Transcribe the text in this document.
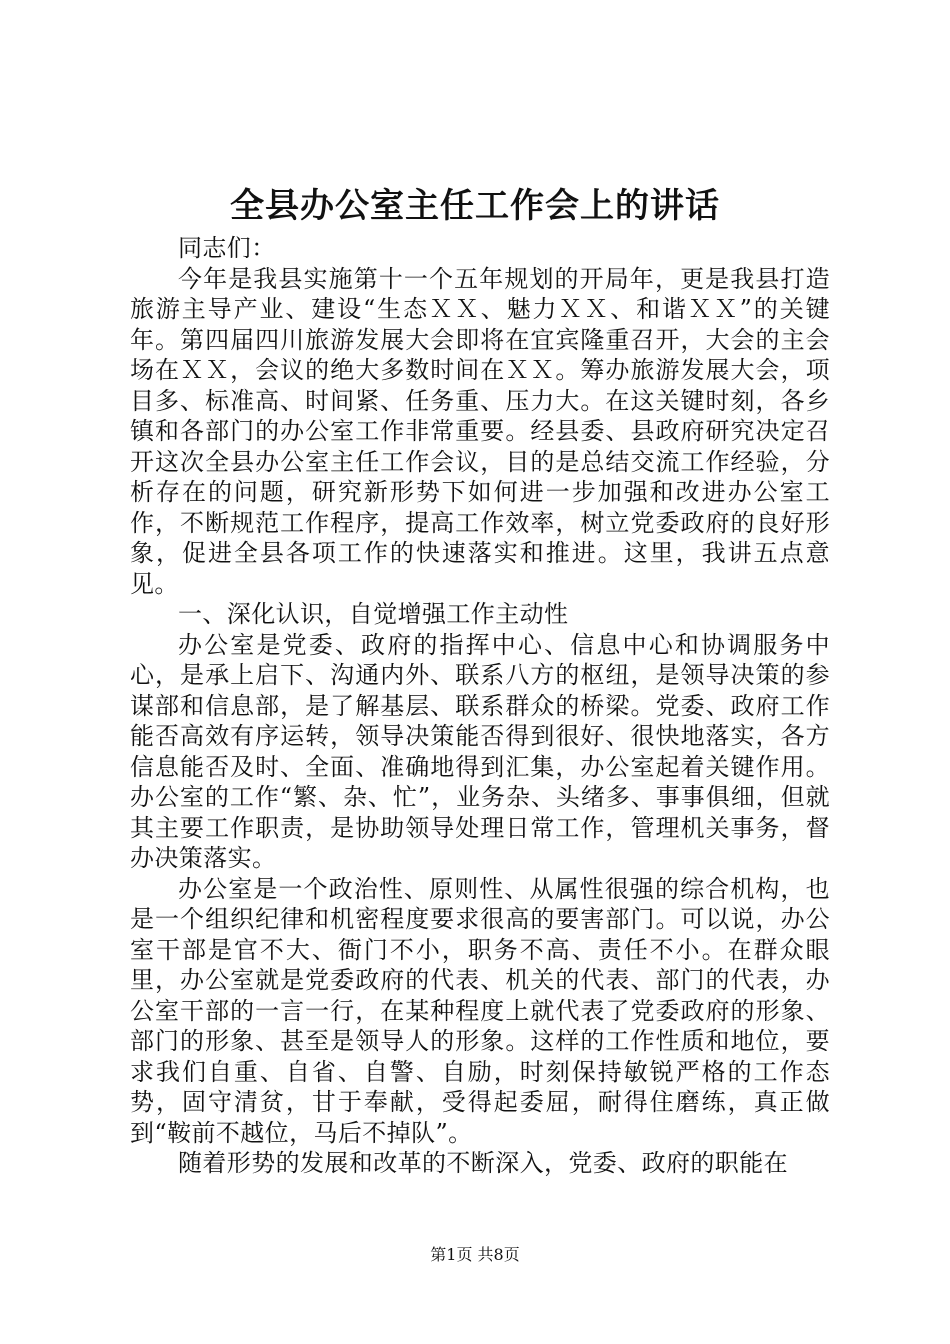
全县办公室主任工作会上的讲话

同志们：

今年是我县实施第十一个五年规划的开局年，更是我县打造旅游主导产业、建设“生态ＸＸ、魅力ＸＸ、和谐ＸＸ”的关键年。第四届四川旅游发展大会即将在宜宾隆重召开，大会的主会场在ＸＸ，会议的绝大多数时间在ＸＸ。筹办旅游发展大会，项目多、标准高、时间紧、任务重、压力大。在这关键时刻，各乡镇和各部门的办公室工作非常重要。经县委、县政府研究决定召开这次全县办公室主任工作会议，目的是总结交流工作经验，分析存在的问题，研究新形势下如何进一步加强和改进办公室工作，不断规范工作程序，提高工作效率，树立党委政府的良好形象，促进全县各项工作的快速落实和推进。这里，我讲五点意见。

一、深化认识，自觉增强工作主动性

办公室是党委、政府的指挥中心、信息中心和协调服务中心，是承上启下、沟通内外、联系八方的枢纽，是领导决策的参谋部和信息部，是了解基层、联系群众的桥梁。党委、政府工作能否高效有序运转，领导决策能否得到很好、很快地落实，各方信息能否及时、全面、准确地得到汇集，办公室起着关键作用。办公室的工作“繁、杂、忙”，业务杂、头绪多、事事俱细，但就其主要工作职责，是协助领导处理日常工作，管理机关事务，督办决策落实。

办公室是一个政治性、原则性、从属性很强的综合机构，也是一个组织纪律和机密程度要求很高的要害部门。可以说，办公室干部是官不大、衙门不小，职务不高、责任不小。在群众眼里，办公室就是党委政府的代表、机关的代表、部门的代表，办公室干部的一言一行，在某种程度上就代表了党委政府的形象、部门的形象、甚至是领导人的形象。这样的工作性质和地位，要求我们自重、自省、自警、自励，时刻保持敏锐严格的工作态势，固守清贫，甘于奉献，受得起委屈，耐得住磨练，真正做到“鞍前不越位，马后不掉队”。

随着形势的发展和改革的不断深入，党委、政府的职能在

第1页 共8页
